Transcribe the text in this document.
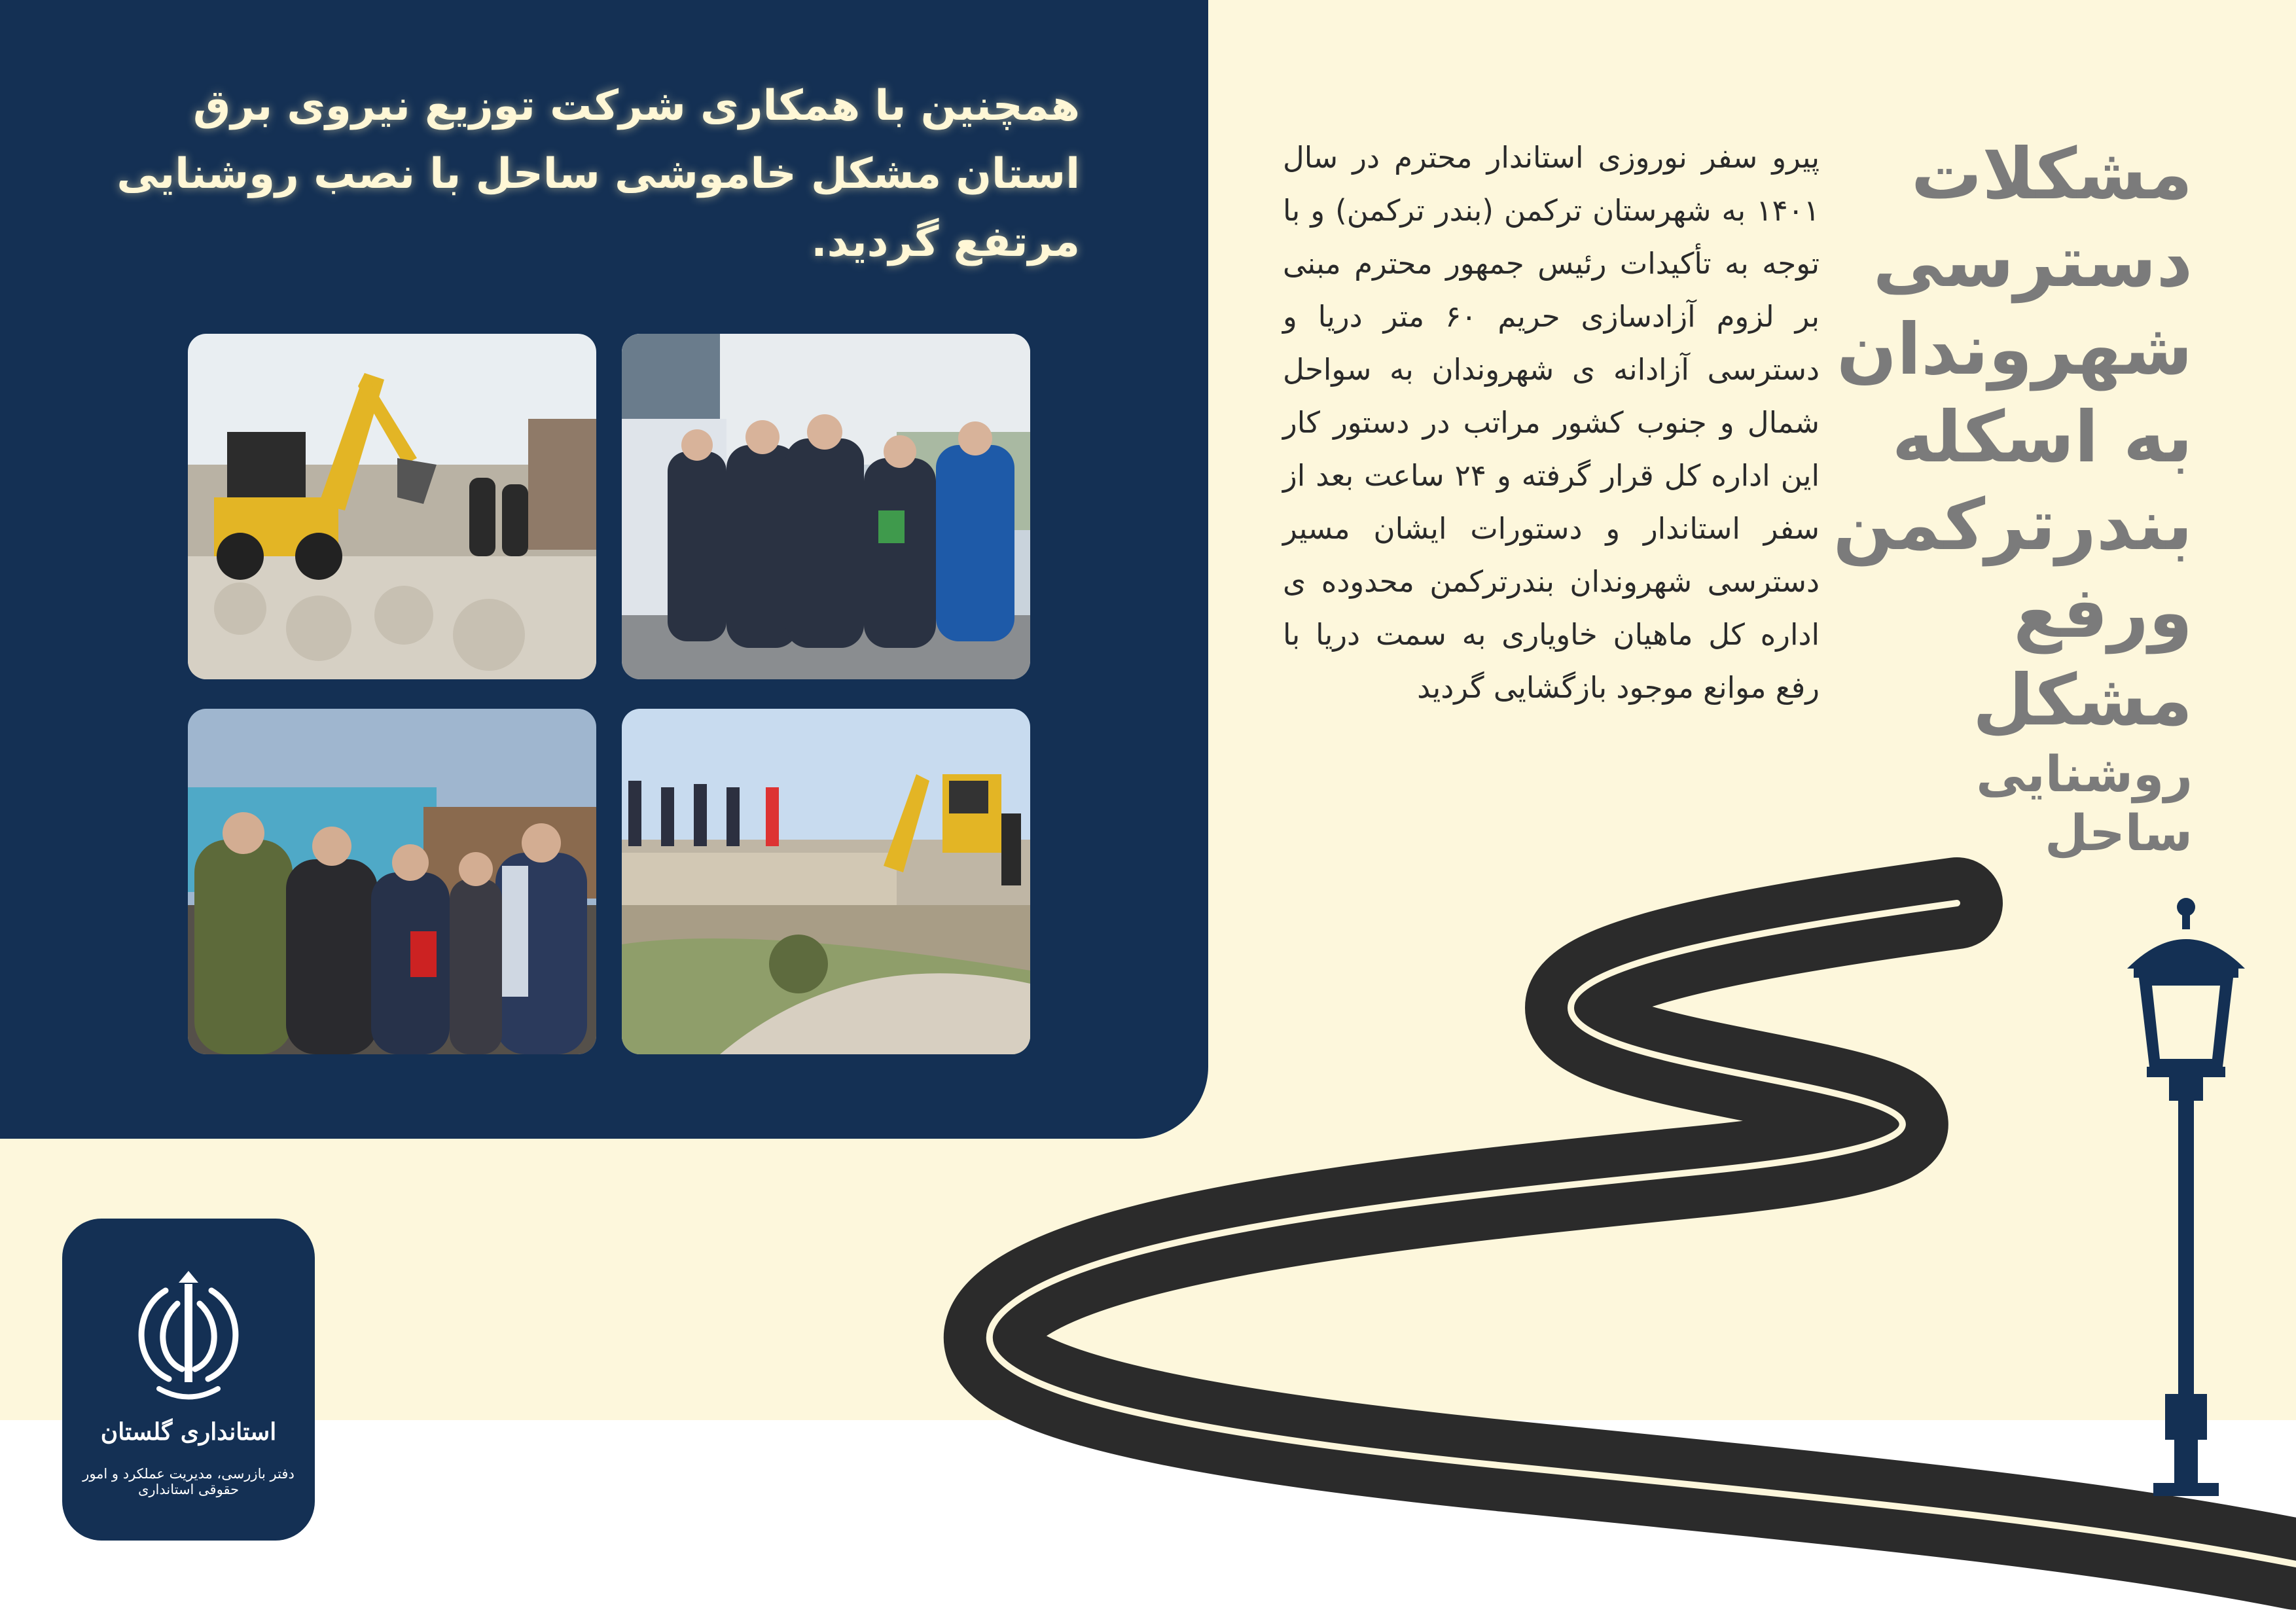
همچنین با همکاری شرکت توزیع نیروی برق استان مشکل خاموشی ساحل با نصب روشنایی مرتفع گردید.
مشکلات
دسترسی
شهروندان
به اسکله
بندرترکمن
ورفع مشکل
روشنایی ساحل
پیرو سفر نوروزی استاندار محترم در سال ۱۴۰۱ به شهرستان ترکمن (بندر ترکمن) و با توجه به تأکیدات رئیس جمهور محترم مبنی بر لزوم آزادسازی حریم ۶۰ متر دریا و دسترسی آزادانه ی شهروندان به سواحل شمال و جنوب کشور مراتب در دستور کار این اداره کل قرار گرفته و ۲۴ ساعت بعد از سفر استاندار و دستورات ایشان مسیر دسترسی شهروندان بندرترکمن محدوده ی اداره کل ماهیان خاویاری به سمت دریا با رفع موانع موجود بازگشایی گردید
استانداری گلستان
دفتر بازرسی، مدیریت عملکرد و امور حقوقی استانداری
